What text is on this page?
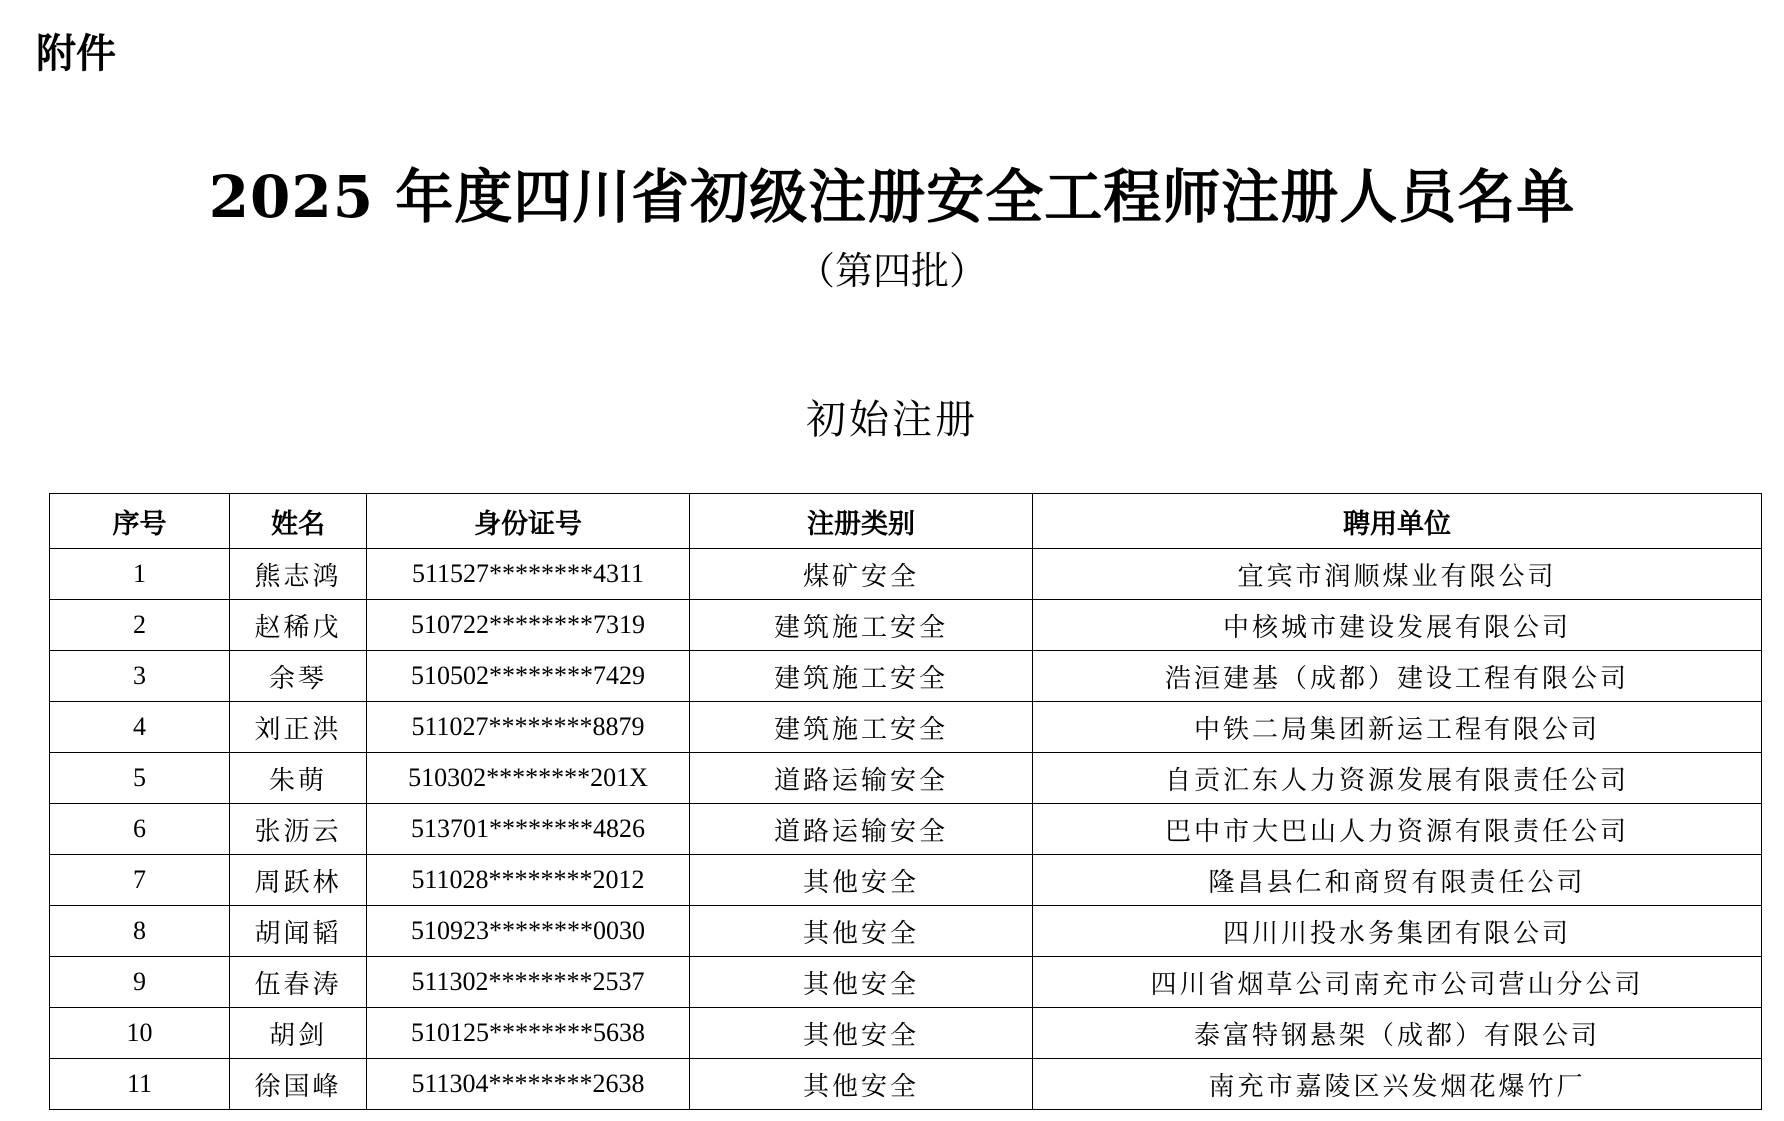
附件
2025 年度四川省初级注册安全工程师注册人员名单
（第四批）
初始注册
序号	姓名	身份证号	注册类别	聘用单位
1	熊志鸿	511527********4311	煤矿安全	宜宾市润顺煤业有限公司
2	赵稀戊	510722********7319	建筑施工安全	中核城市建设发展有限公司
3	余琴	510502********7429	建筑施工安全	浩洹建基（成都）建设工程有限公司
4	刘正洪	511027********8879	建筑施工安全	中铁二局集团新运工程有限公司
5	朱萌	510302********201X	道路运输安全	自贡汇东人力资源发展有限责任公司
6	张沥云	513701********4826	道路运输安全	巴中市大巴山人力资源有限责任公司
7	周跃林	511028********2012	其他安全	隆昌县仁和商贸有限责任公司
8	胡闻韬	510923********0030	其他安全	四川川投水务集团有限公司
9	伍春涛	511302********2537	其他安全	四川省烟草公司南充市公司营山分公司
10	胡剑	510125********5638	其他安全	泰富特钢悬架（成都）有限公司
11	徐国峰	511304********2638	其他安全	南充市嘉陵区兴发烟花爆竹厂
